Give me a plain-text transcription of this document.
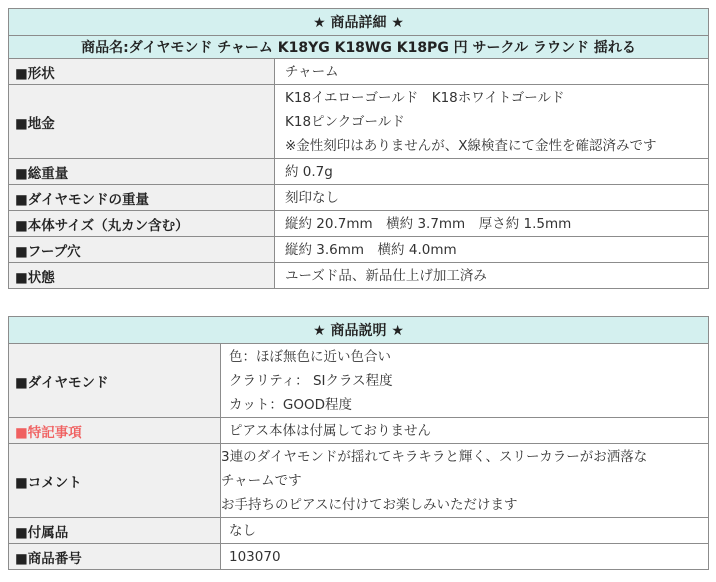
★ 商品詳細 ★	
商品名:ダイヤモンド チャーム K18YG K18WG K18PG 円 サークル ラウンド 揺れる	
■形状	チャーム

■地金	K18イエローゴールド　K18ホワイトゴールド
K18ピンクゴールド
※金性刻印はありませんが、X線検査にて金性を確認済みです

■総重量	約 0.7g

■ダイヤモンドの重量	刻印なし

■本体サイズ（丸カン含む）	縦約 20.7mm　横約 3.7mm　厚さ約 1.5mm

■フープ穴	縦約 3.6mm　横約 4.0mm

■状態	ユーズド品、新品仕上げ加工済み
★ 商品説明 ★	
■ダイヤモンド	色：ほぼ無色に近い色合い
クラリティ： SIクラス程度
カット：GOOD程度

■特記事項	ピアス本体は付属しておりません

■コメント	3連のダイヤモンドが揺れてキラキラと輝く、スリーカラーがお洒落な
チャームです
お手持ちのピアスに付けてお楽しみいただけます

■付属品	なし

■商品番号	103070
